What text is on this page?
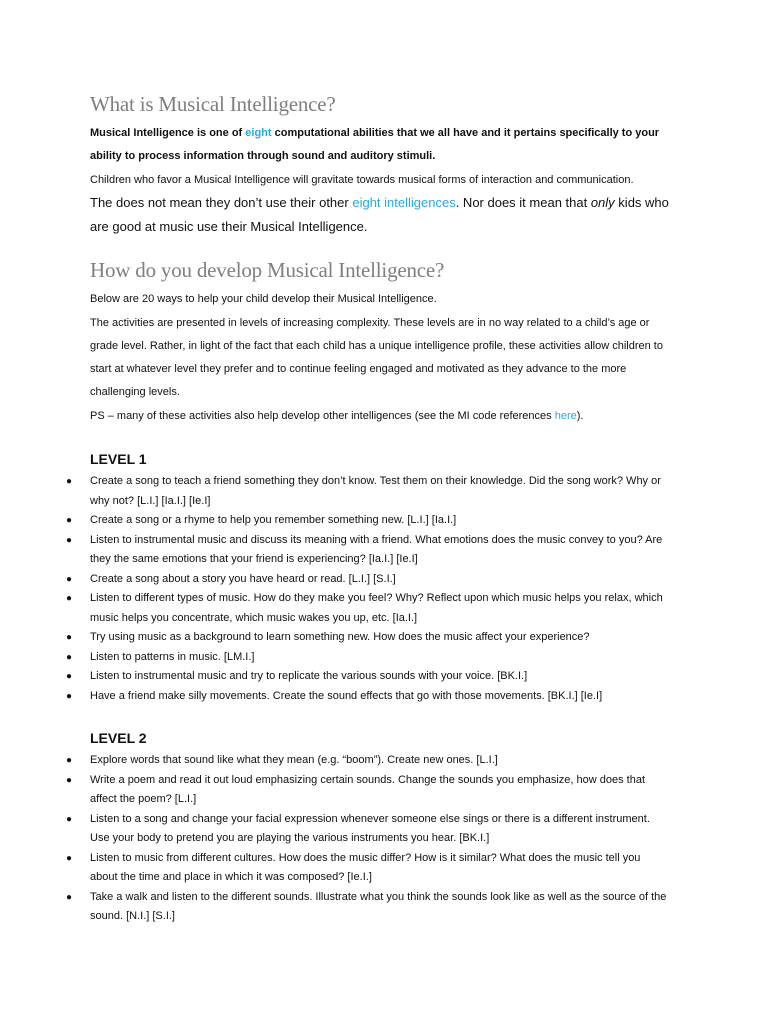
What is Musical Intelligence?

Musical Intelligence is one of eight computational abilities that we all have and it pertains specifically to your ability to process information through sound and auditory stimuli.

Children who favor a Musical Intelligence will gravitate towards musical forms of interaction and communication.

The does not mean they don’t use their other eight intelligences. Nor does it mean that only kids who are good at music use their Musical Intelligence.

How do you develop Musical Intelligence?

Below are 20 ways to help your child develop their Musical Intelligence.

The activities are presented in levels of increasing complexity. These levels are in no way related to a child’s age or grade level. Rather, in light of the fact that each child has a unique intelligence profile, these activities allow children to start at whatever level they prefer and to continue feeling engaged and motivated as they advance to the more challenging levels.

PS – many of these activities also help develop other intelligences (see the MI code references here).

LEVEL 1
● Create a song to teach a friend something they don’t know. Test them on their knowledge. Did the song work? Why or why not? [L.I.] [Ia.I.] [Ie.I]
● Create a song or a rhyme to help you remember something new. [L.I.] [Ia.I.]
● Listen to instrumental music and discuss its meaning with a friend. What emotions does the music convey to you? Are they the same emotions that your friend is experiencing? [Ia.I.] [Ie.I]
● Create a song about a story you have heard or read. [L.I.] [S.I.]
● Listen to different types of music. How do they make you feel? Why? Reflect upon which music helps you relax, which music helps you concentrate, which music wakes you up, etc. [Ia.I.]
● Try using music as a background to learn something new. How does the music affect your experience?
● Listen to patterns in music. [LM.I.]
● Listen to instrumental music and try to replicate the various sounds with your voice. [BK.I.]
● Have a friend make silly movements. Create the sound effects that go with those movements. [BK.I.] [Ie.I]
LEVEL 2
● Explore words that sound like what they mean (e.g. “boom”). Create new ones. [L.I.]
● Write a poem and read it out loud emphasizing certain sounds. Change the sounds you emphasize, how does that affect the poem? [L.I.]
● Listen to a song and change your facial expression whenever someone else sings or there is a different instrument. Use your body to pretend you are playing the various instruments you hear. [BK.I.]
● Listen to music from different cultures. How does the music differ? How is it similar? What does the music tell you about the time and place in which it was composed? [Ie.I.]
● Take a walk and listen to the different sounds. Illustrate what you think the sounds look like as well as the source of the sound. [N.I.] [S.I.]
